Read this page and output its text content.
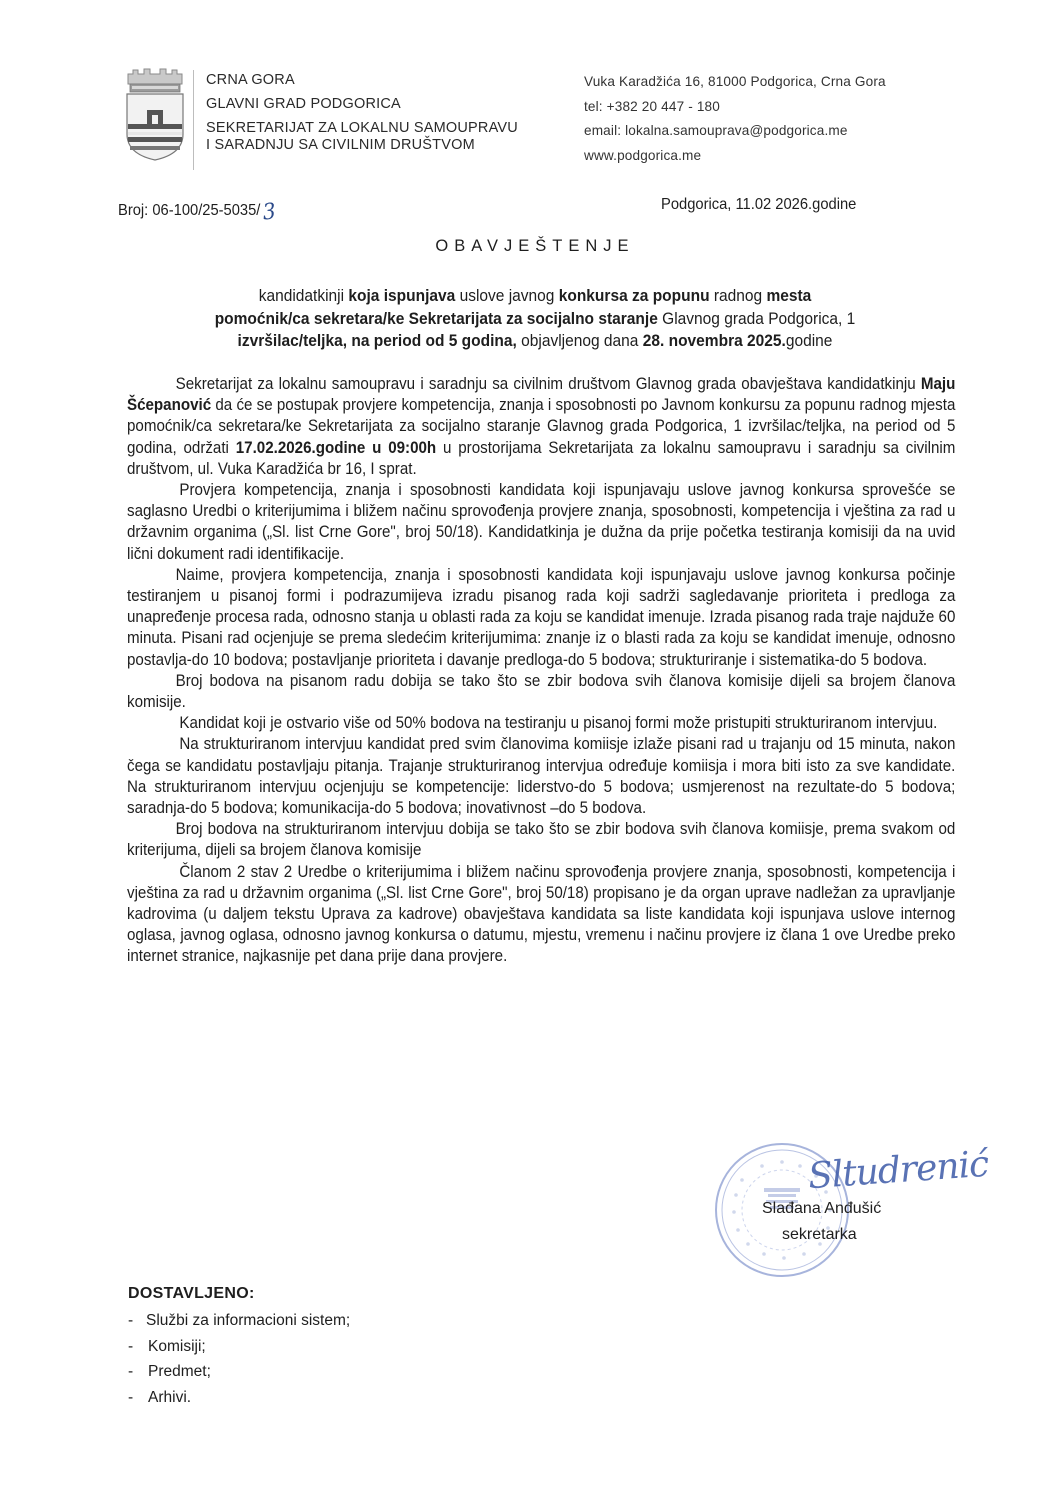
CRNA GORA
GLAVNI GRAD PODGORICA
SEKRETARIJAT ZA LOKALNU SAMOUPRAVU
I SARADNJU SA CIVILNIM DRUŠTVOM
Vuka Karadžića 16, 81000 Podgorica, Crna Gora
tel: +382 20 447 - 180
email: lokalna.samouprava@podgorica.me
www.podgorica.me
Broj: 06-100/25-5035/3	Podgorica, 11.02 2026.godine
OBAVJEŠTENJE
kandidatkinji koja ispunjava uslove javnog konkursa za popunu radnog mesta
pomoćnik/ca sekretara/ke Sekretarijata za socijalno staranje Glavnog grada Podgorica, 1
izvršilac/teljka, na period od 5 godina, objavljenog dana 28. novembra 2025.godine

Sekretarijat za lokalnu samoupravu i saradnju sa civilnim društvom Glavnog grada obavještava kandidatkinju Maju Šćepanović da će se postupak provjere kompetencija, znanja i sposobnosti po Javnom konkursu za popunu radnog mjesta pomoćnik/ca sekretara/ke Sekretarijata za socijalno staranje Glavnog grada Podgorica, 1 izvršilac/teljka, na period od 5 godina, održati 17.02.2026.godine u 09:00h u prostorijama Sekretarijata za lokalnu samoupravu i saradnju sa civilnim društvom, ul. Vuka Karadžića br 16, I sprat.

Provjera kompetencija, znanja i sposobnosti kandidata koji ispunjavaju uslove javnog konkursa sprovešće se saglasno Uredbi o kriterijumima i bližem načinu sprovođenja provjere znanja, sposobnosti, kompetencija i vještina za rad u državnim organima („Sl. list Crne Gore", broj 50/18). Kandidatkinja je dužna da prije početka testiranja komisiji da na uvid lični dokument radi identifikacije.

Naime, provjera kompetencija, znanja i sposobnosti kandidata koji ispunjavaju uslove javnog konkursa počinje testiranjem u pisanoj formi i podrazumijeva izradu pisanog rada koji sadrži sagledavanje prioriteta i predloga za unapređenje procesa rada, odnosno stanja u oblasti rada za koju se kandidat imenuje. Izrada pisanog rada traje najduže 60 minuta. Pisani rad ocjenjuje se prema sledećim kriterijumima: znanje iz o blasti rada za koju se kandidat imenuje, odnosno postavlja-do 10 bodova; postavljanje prioriteta i davanje predloga-do 5 bodova; strukturiranje i sistematika-do 5 bodova.

Broj bodova na pisanom radu dobija se tako što se zbir bodova svih članova komisije dijeli sa brojem članova komisije.

Kandidat koji je ostvario više od 50% bodova na testiranju u pisanoj formi može pristupiti strukturiranom intervjuu.

Na strukturiranom intervjuu kandidat pred svim članovima komiisje izlaže pisani rad u trajanju od 15 minuta, nakon čega se kandidatu postavljaju pitanja. Trajanje strukturiranog intervjua određuje komiisja i mora biti isto za sve kandidate. Na strukturiranom intervjuu ocjenjuju se kompetencije: liderstvo-do 5 bodova; usmjerenost na rezultate-do 5 bodova; saradnja-do 5 bodova; komunikacija-do 5 bodova; inovativnost –do 5 bodova.

Broj bodova na strukturiranom intervjuu dobija se tako što se zbir bodova svih članova komiisje, prema svakom od kriterijuma, dijeli sa brojem članova komisije

Članom 2 stav 2 Uredbe o kriterijumima i bližem načinu sprovođenja provjere znanja, sposobnosti, kompetencija i vještina za rad u državnim organima („Sl. list Crne Gore", broj 50/18) propisano je da organ uprave nadležan za upravljanje kadrovima (u daljem tekstu Uprava za kadrove) obavještava kandidata sa liste kandidata koji ispunjava uslove internog oglasa, javnog oglasa, odnosno javnog konkursa o datumu, mjestu, vremenu i načinu provjere iz člana 1 ove Uredbe preko internet stranice, najkasnije pet dana prije dana provjere.

Sltudrenić
Slađana Anđušić
sekretarka
DOSTAVLJENO:
- Službi za informacioni sistem;
- Komisiji;
- Predmet;
- Arhivi.
